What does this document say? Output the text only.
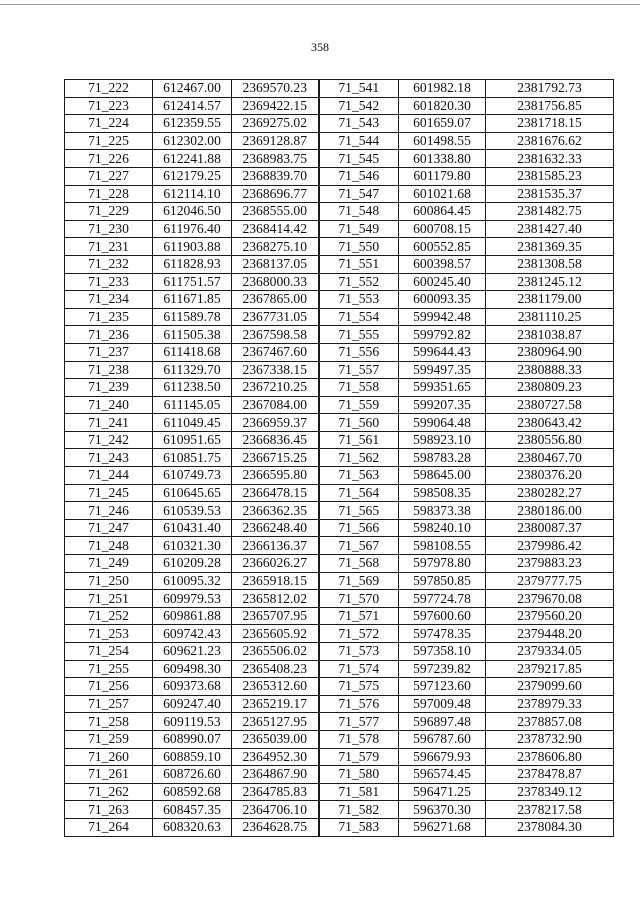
358
71_222	612467.00	2369570.23	71_541	601982.18	2381792.73
71_223	612414.57	2369422.15	71_542	601820.30	2381756.85
71_224	612359.55	2369275.02	71_543	601659.07	2381718.15
71_225	612302.00	2369128.87	71_544	601498.55	2381676.62
71_226	612241.88	2368983.75	71_545	601338.80	2381632.33
71_227	612179.25	2368839.70	71_546	601179.80	2381585.23
71_228	612114.10	2368696.77	71_547	601021.68	2381535.37
71_229	612046.50	2368555.00	71_548	600864.45	2381482.75
71_230	611976.40	2368414.42	71_549	600708.15	2381427.40
71_231	611903.88	2368275.10	71_550	600552.85	2381369.35
71_232	611828.93	2368137.05	71_551	600398.57	2381308.58
71_233	611751.57	2368000.33	71_552	600245.40	2381245.12
71_234	611671.85	2367865.00	71_553	600093.35	2381179.00
71_235	611589.78	2367731.05	71_554	599942.48	2381110.25
71_236	611505.38	2367598.58	71_555	599792.82	2381038.87
71_237	611418.68	2367467.60	71_556	599644.43	2380964.90
71_238	611329.70	2367338.15	71_557	599497.35	2380888.33
71_239	611238.50	2367210.25	71_558	599351.65	2380809.23
71_240	611145.05	2367084.00	71_559	599207.35	2380727.58
71_241	611049.45	2366959.37	71_560	599064.48	2380643.42
71_242	610951.65	2366836.45	71_561	598923.10	2380556.80
71_243	610851.75	2366715.25	71_562	598783.28	2380467.70
71_244	610749.73	2366595.80	71_563	598645.00	2380376.20
71_245	610645.65	2366478.15	71_564	598508.35	2380282.27
71_246	610539.53	2366362.35	71_565	598373.38	2380186.00
71_247	610431.40	2366248.40	71_566	598240.10	2380087.37
71_248	610321.30	2366136.37	71_567	598108.55	2379986.42
71_249	610209.28	2366026.27	71_568	597978.80	2379883.23
71_250	610095.32	2365918.15	71_569	597850.85	2379777.75
71_251	609979.53	2365812.02	71_570	597724.78	2379670.08
71_252	609861.88	2365707.95	71_571	597600.60	2379560.20
71_253	609742.43	2365605.92	71_572	597478.35	2379448.20
71_254	609621.23	2365506.02	71_573	597358.10	2379334.05
71_255	609498.30	2365408.23	71_574	597239.82	2379217.85
71_256	609373.68	2365312.60	71_575	597123.60	2379099.60
71_257	609247.40	2365219.17	71_576	597009.48	2378979.33
71_258	609119.53	2365127.95	71_577	596897.48	2378857.08
71_259	608990.07	2365039.00	71_578	596787.60	2378732.90
71_260	608859.10	2364952.30	71_579	596679.93	2378606.80
71_261	608726.60	2364867.90	71_580	596574.45	2378478.87
71_262	608592.68	2364785.83	71_581	596471.25	2378349.12
71_263	608457.35	2364706.10	71_582	596370.30	2378217.58
71_264	608320.63	2364628.75	71_583	596271.68	2378084.30
